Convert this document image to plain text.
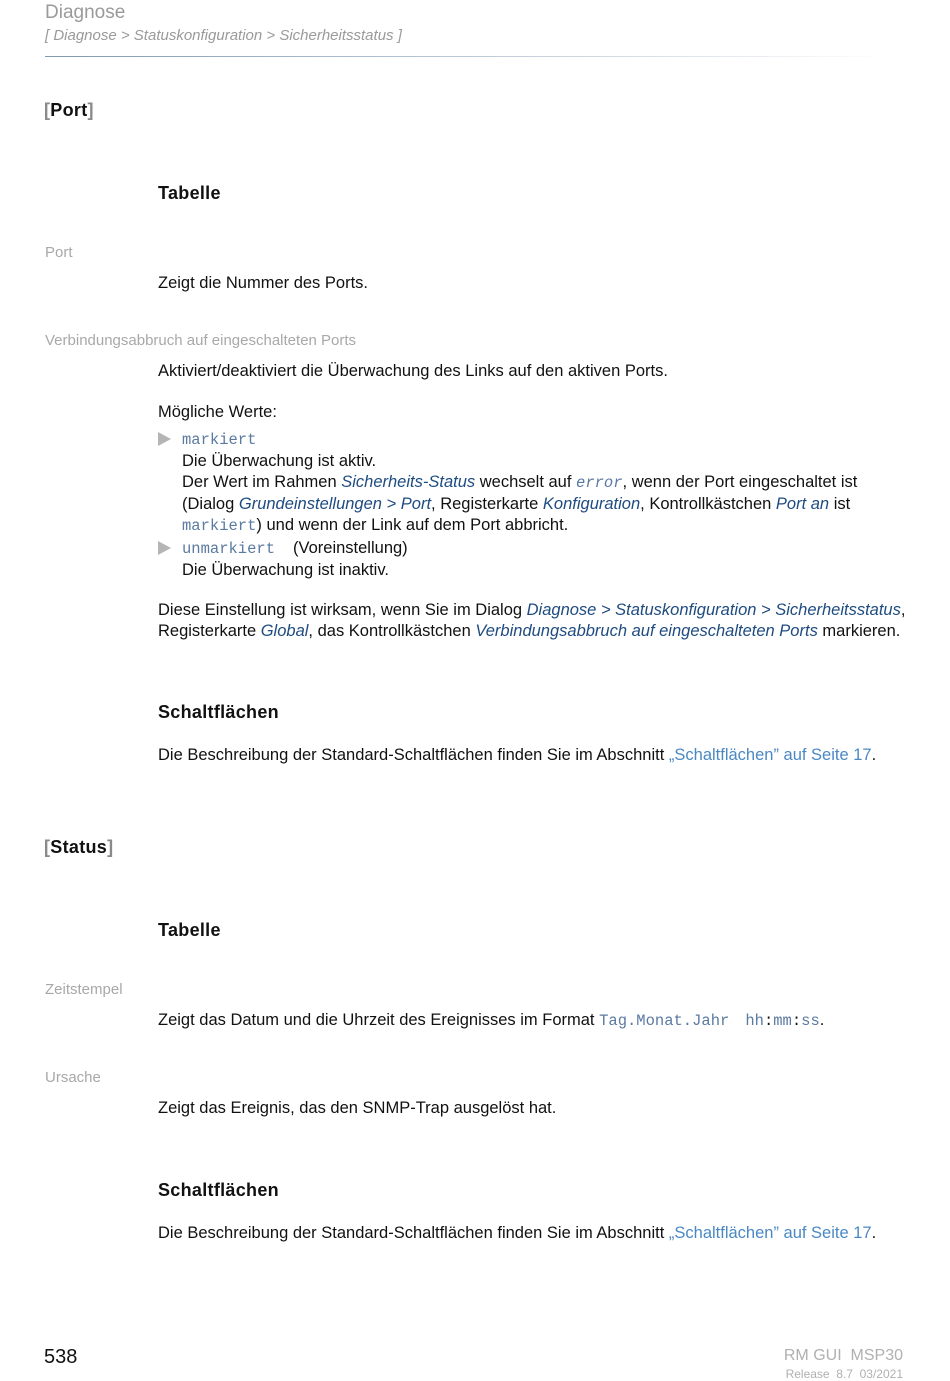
Diagnose
[ Diagnose > Statuskonfiguration > Sicherheitsstatus ]
[Port]
Tabelle
Port
Zeigt die Nummer des Ports.
Verbindungsabbruch auf eingeschalteten Ports
Aktiviert/deaktiviert die Überwachung des Links auf den aktiven Ports.
Mögliche Werte:
markiert
Die Überwachung ist aktiv.
Der Wert im Rahmen Sicherheits-Status wechselt auf error, wenn der Port eingeschaltet ist (Dialog Grundeinstellungen > Port, Registerkarte Konfiguration, Kontrollkästchen Port an ist
markiert) und wenn der Link auf dem Port abbricht.
unmarkiert (Voreinstellung)
Die Überwachung ist inaktiv.
Diese Einstellung ist wirksam, wenn Sie im Dialog Diagnose > Statuskonfiguration > Sicherheitsstatus, Registerkarte Global, das Kontrollkästchen Verbindungsabbruch auf eingeschalteten Ports markieren.
Schaltflächen
Die Beschreibung der Standard-Schaltflächen finden Sie im Abschnitt „Schaltflächen” auf Seite 17.
[Status]
Tabelle
Zeitstempel
Zeigt das Datum und die Uhrzeit des Ereignisses im Format Tag.Monat.Jahr hh:mm:ss.
Ursache
Zeigt das Ereignis, das den SNMP-Trap ausgelöst hat.
Schaltflächen
Die Beschreibung der Standard-Schaltflächen finden Sie im Abschnitt „Schaltflächen” auf Seite 17.
538	RM GUI  MSP30
Release  8.7  03/2021
